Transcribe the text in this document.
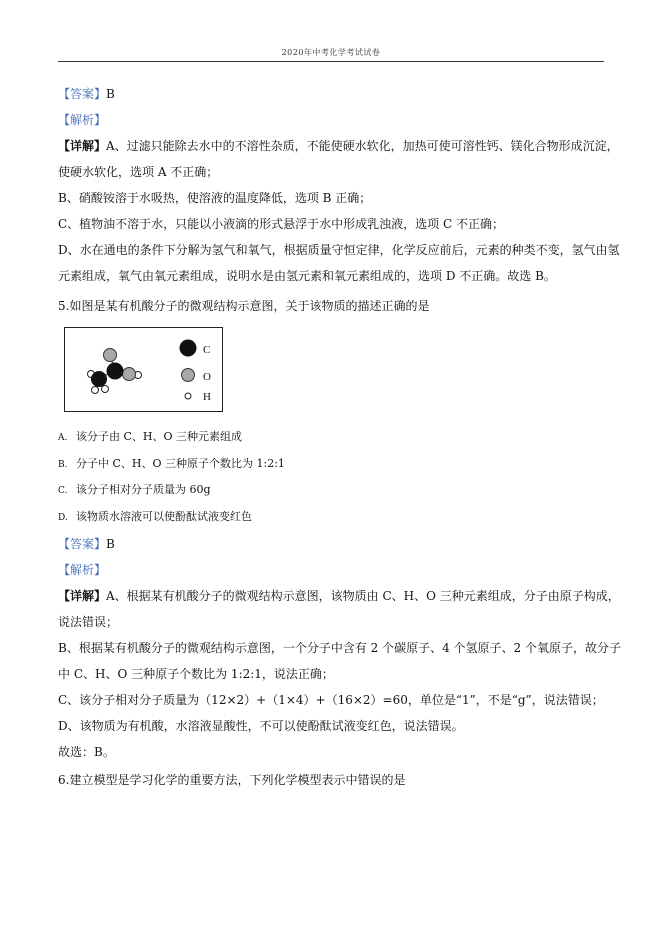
2020年中考化学考试试卷
【答案】B
【解析】
【详解】A、过滤只能除去水中的不溶性杂质，不能使硬水软化，加热可使可溶性钙、镁化合物形成沉淀，
使硬水软化，选项 A 不正确；
B、硝酸铵溶于水吸热，使溶液的温度降低，选项 B 正确；
C、植物油不溶于水，只能以小液滴的形式悬浮于水中形成乳浊液，选项 C 不正确；
D、水在通电的条件下分解为氢气和氧气，根据质量守恒定律，化学反应前后，元素的种类不变，氢气由氢
元素组成，氧气由氧元素组成，说明水是由氢元素和氧元素组成的，选项 D 不正确。故选 B。
5.如图是某有机酸分子的微观结构示意图，关于该物质的描述正确的是
C
O
H
A. 该分子由 C、H、O 三种元素组成
B. 分子中 C、H、O 三种原子个数比为 1:2:1
C. 该分子相对分子质量为 60g
D. 该物质水溶液可以使酚酞试液变红色
【答案】B
【解析】
【详解】A、根据某有机酸分子的微观结构示意图，该物质由 C、H、O 三种元素组成，分子由原子构成，
说法错误；
B、根据某有机酸分子的微观结构示意图，一个分子中含有 2 个碳原子、4 个氢原子、2 个氧原子，故分子
中 C、H、O 三种原子个数比为 1:2:1，说法正确；
C、该分子相对分子质量为（12×2）+（1×4）+（16×2）=60，单位是“1”，不是“g”，说法错误；
D、该物质为有机酸，水溶液显酸性，不可以使酚酞试液变红色，说法错误。
故选：B。
6.建立模型是学习化学的重要方法，下列化学模型表示中错误的是
